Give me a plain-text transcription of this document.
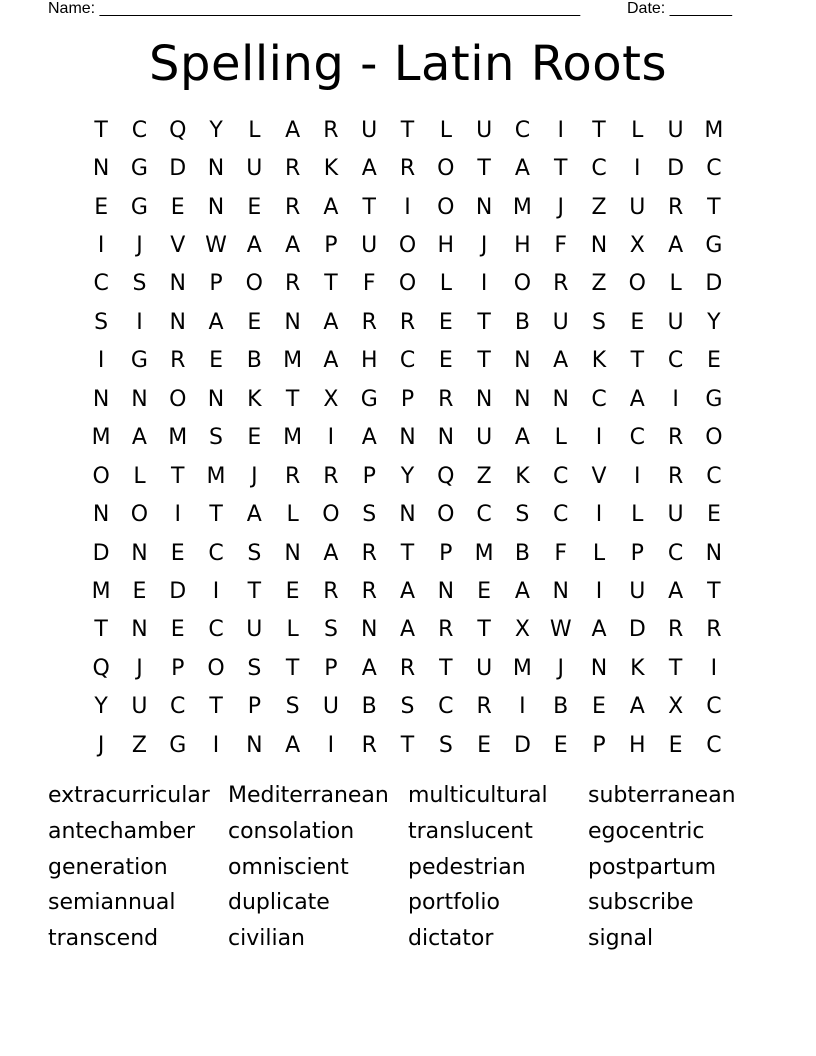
Name: ______________________________________________________	Date: _______
Spelling - Latin Roots
T	C Q	Y	L	A	R	U	T	L	U	C	I	T	L	U M
N G D N	U	R	K	A	R O	T	A	T	C	I	D	C
E	G	E	N	E	R	A	T	I	O N M	J	Z	U	R	T
I	J	V W A	A	P	U O H	J	H	F	N	X	A	G
C	S	N	P	O R	T	F	O	L	I	O R	Z	O	L	D
S	I	N	A	E	N	A	R	R	E	T	B	U	S	E	U	Y
I	G	R	E	B M A	H	C	E	T	N	A	K	T	C	E
N N O N	K	T	X	G	P	R	N N N	C	A	I	G
M A M S	E M	I	A	N N	U	A	L	I	C	R O
O	L	T	M	J	R	R	P	Y	Q	Z	K	C	V	I	R	C
N O	I	T	A	L	O	S	N O C	S	C	I	L	U	E
D N	E	C	S	N	A	R	T	P	M B	F	L	P	C	N
M E	D	I	T	E	R	R	A	N	E	A	N	I	U	A	T
T	N	E	C	U	L	S	N	A	R	T	X W A	D	R	R
Q	J	P	O	S	T	P	A	R	T	U M	J	N	K	T	I
Y	U	C	T	P	S	U	B	S	C	R	I	B	E	A	X	C
J	Z	G	I	N	A	I	R	T	S	E	D	E	P	H	E	C
extracurricular Mediterranean multicultural	subterranean
antechamber	consolation	translucent	egocentric
generation	omniscient	pedestrian	postpartum
semiannual	duplicate	portfolio	subscribe
transcend	civilian	dictator	signal
